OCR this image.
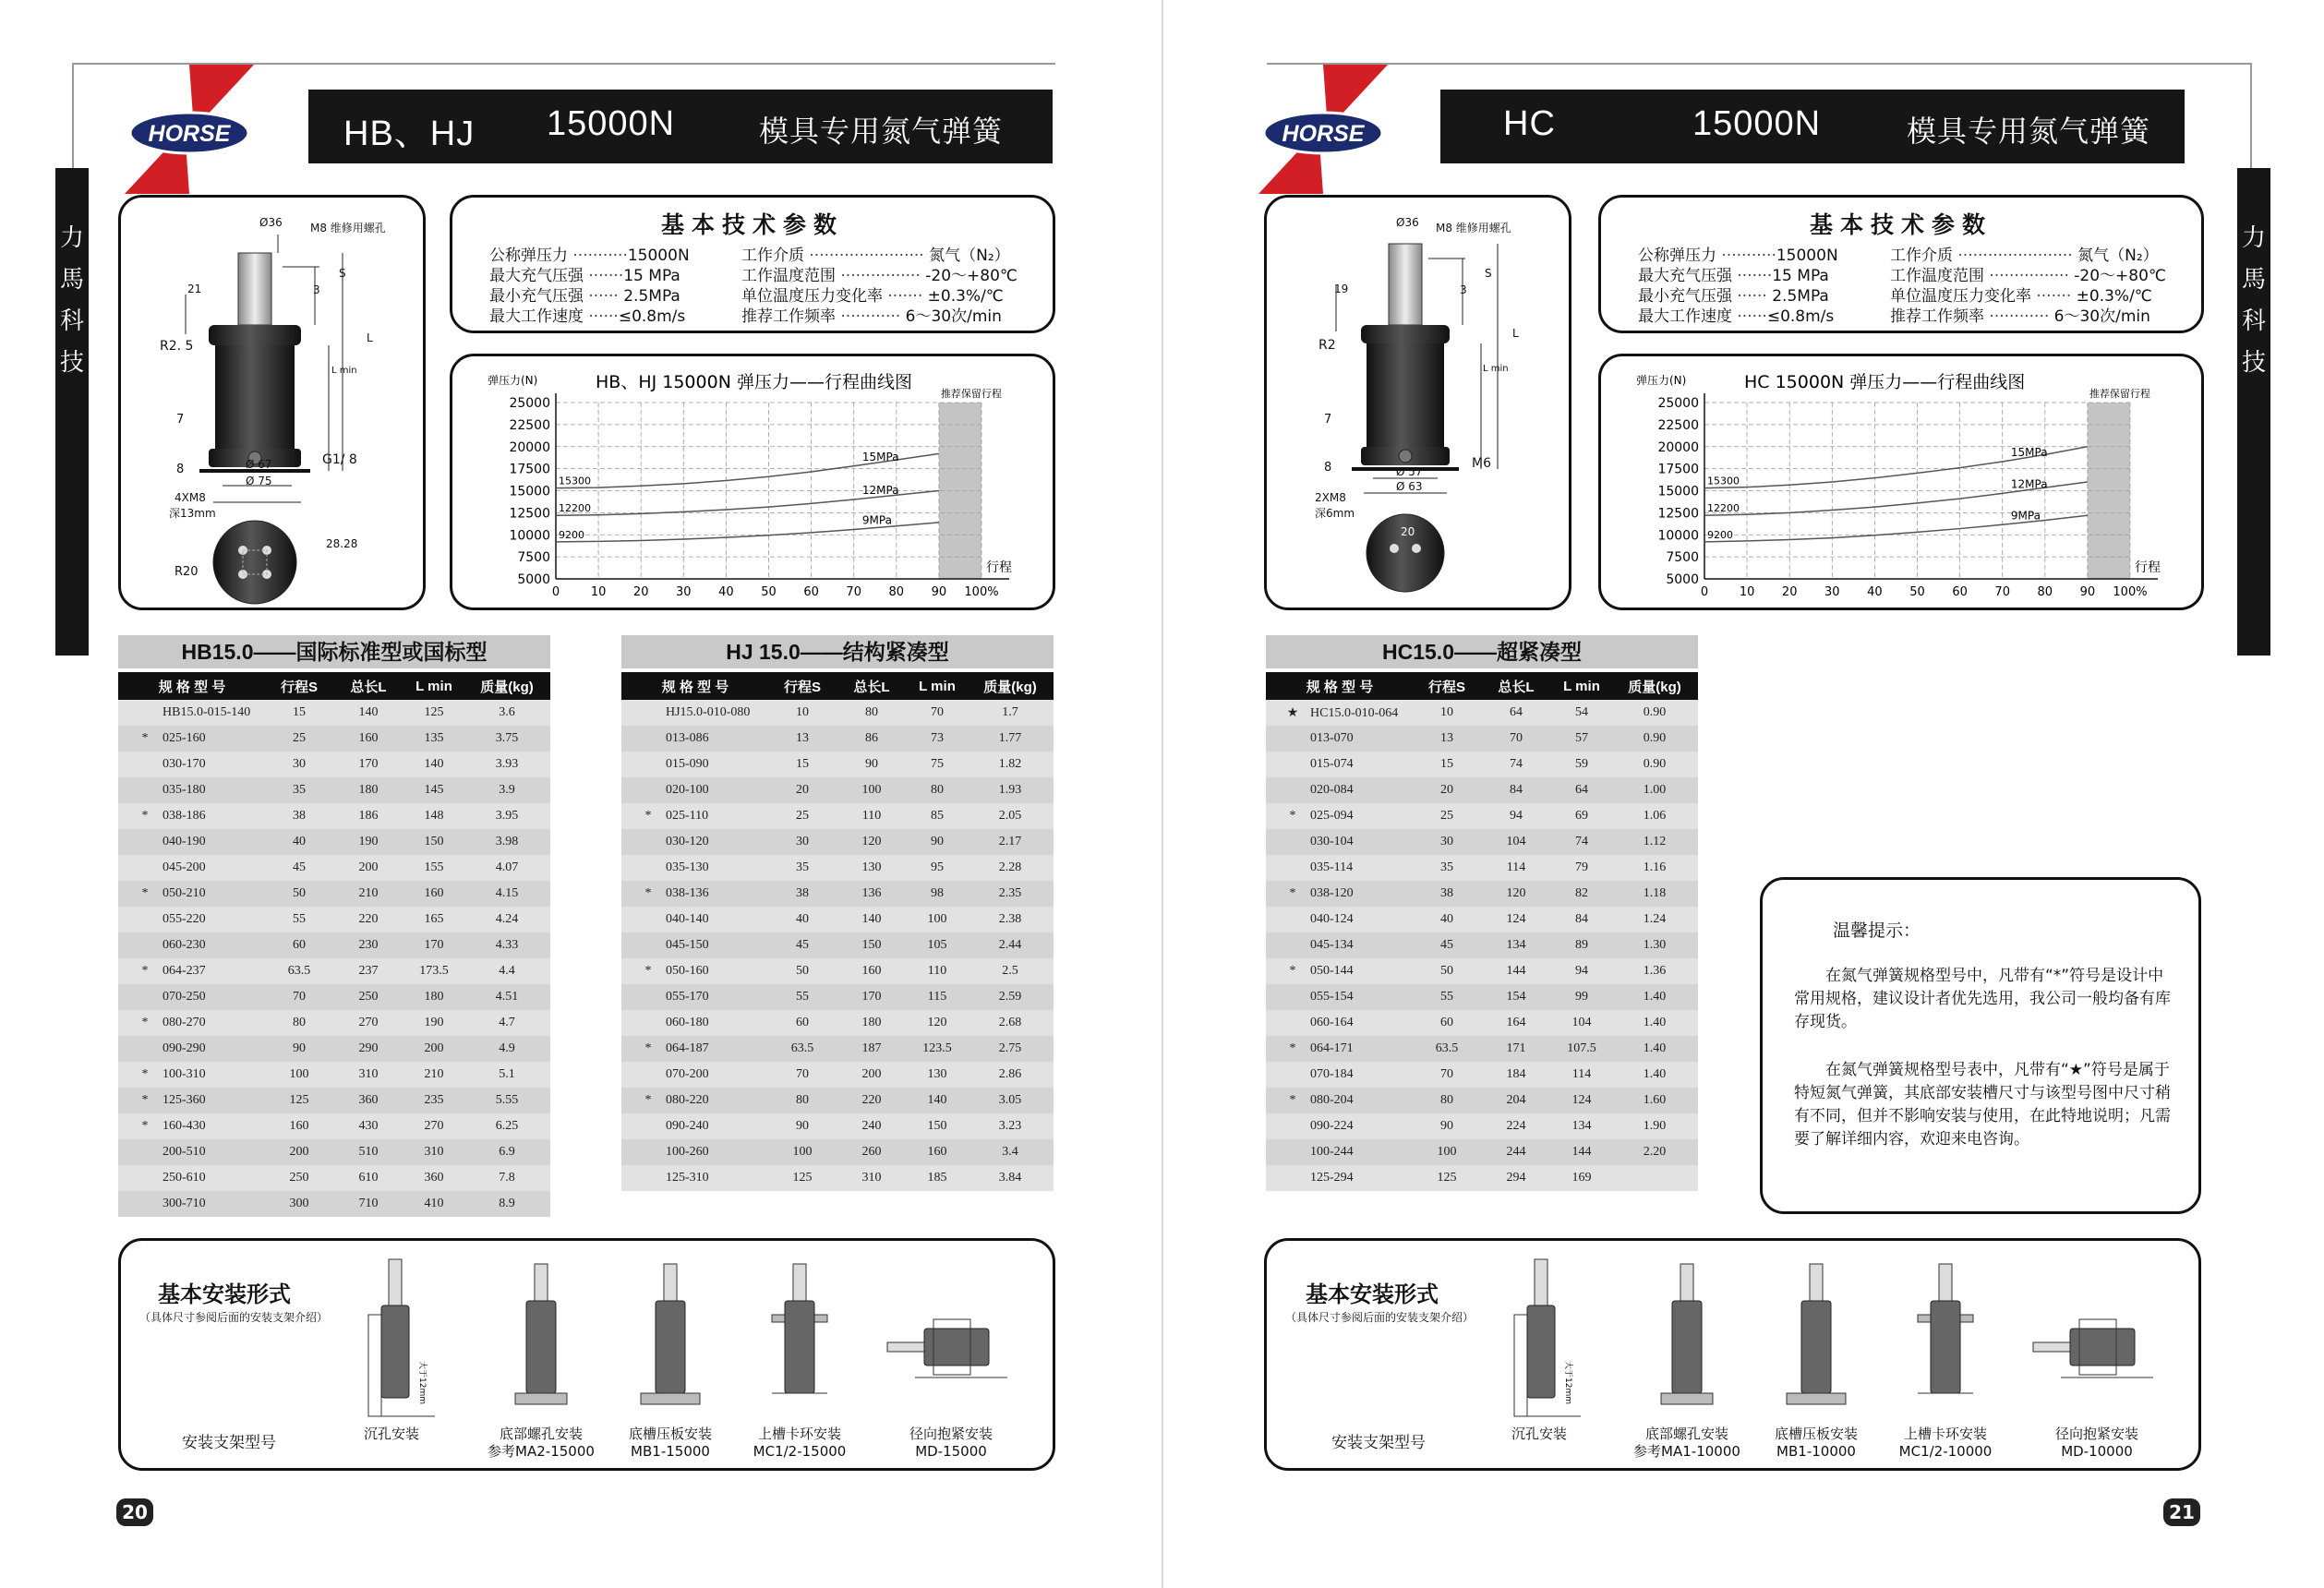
力
馬
科
技
力
馬
科
技
HORSE	HB、HJ 15000N	模具专用氮气弹簧
Ø36	M8 维修用螺孔
S
L
L min
21	3
R2. 5
7
8	Ø 67
Ø 75
G1/ 8
4XM8
深13mm
28.28
R20
基本技术参数
公称弹压力 ···········15000N
最大充气压强 ·······15 MPa
最小充气压强 ······ 2.5MPa
最大工作速度 ······≤0.8m/s
工作介质 ······················· 氮气（N₂）
工作温度范围 ················ -20～+80℃
单位温度压力变化率 ······· ±0.3%/℃
推荐工作频率 ············ 6～30次/min
HB、HJ 15000N 弹压力——行程曲线图
弹压力(N)
推荐保留行程
25000
22500
20000
17500
15000
12500
10000
7500
5000
0	10 20 30 40 50 60 70 80 90 100%
行程
15300
15MPa
12200
12MPa
9200
9MPa
HB15.0——国际标准型或国标型
规 格 型 号	行程S	总长L	L min	质量(kg)
HB15.0-015-140	15	140	125	3.6
* 025-160	25	160	135	3.75
030-170	30	170	140	3.93
035-180	35	180	145	3.9
* 038-186	38	186	148	3.95
040-190	40	190	150	3.98
045-200	45	200	155	4.07
* 050-210	50	210	160	4.15
055-220	55	220	165	4.24
060-230	60	230	170	4.33
* 064-237	63.5	237	173.5	4.4
070-250	70	250	180	4.51
* 080-270	80	270	190	4.7
090-290	90	290	200	4.9
* 100-310	100	310	210	5.1
* 125-360	125	360	235	5.55
* 160-430	160	430	270	6.25
200-510	200	510	310	6.9
250-610	250	610	360	7.8
300-710	300	710	410	8.9
HJ 15.0——结构紧凑型
规 格 型 号	行程S	总长L	L min	质量(kg)
HJ15.0-010-080	10	80	70	1.7
013-086	13	86	73	1.77
015-090	15	90	75	1.82
020-100	20	100	80	1.93
* 025-110	25	110	85	2.05
030-120	30	120	90	2.17
035-130	35	130	95	2.28
* 038-136	38	136	98	2.35
040-140	40	140	100	2.38
045-150	45	150	105	2.44
* 050-160	50	160	110	2.5
055-170	55	170	115	2.59
060-180	60	180	120	2.68
* 064-187	63.5	187	123.5	2.75
070-200	70	200	130	2.86
* 080-220	80	220	140	3.05
090-240	90	240	150	3.23
100-260	100	260	160	3.4
125-310	125	310	185	3.84
基本安装形式
（具体尺寸参阅后面的安装支架介绍）
安装支架型号
大于12mm
沉孔安装	底部螺孔安装
参考MA2-15000
底槽压板安装
MB1-15000
上槽卡环安装
MC1/2-15000
径向抱紧安装
MD-15000
20
HORSE	HC	15000N	模具专用氮气弹簧
Ø36 M8 维修用螺孔
S
L
L min
19	3
R2
7
8	Ø 57
Ø 63
M6
2XM8
深6mm
20
基本技术参数
公称弹压力 ···········15000N
最大充气压强 ·······15 MPa
最小充气压强 ······ 2.5MPa
最大工作速度 ······≤0.8m/s
工作介质 ······················· 氮气（N₂）
工作温度范围 ················ -20～+80℃
单位温度压力变化率 ······· ±0.3%/℃
推荐工作频率 ············ 6～30次/min
HC 15000N 弹压力——行程曲线图
弹压力(N)
推荐保留行程
25000
22500
20000
17500
15000
12500
10000
7500
5000
0	10 20 30 40 50 60 70 80 90 100%
行程
15300
15MPa
12200
12MPa
9200
9MPa
HC15.0——超紧凑型
规 格 型 号	行程S	总长L	L min	质量(kg)
★ HC15.0-010-064	10	64	54	0.90
013-070	13	70	57	0.90
015-074	15	74	59	0.90
020-084	20	84	64	1.00
* 025-094	25	94	69	1.06
030-104	30	104	74	1.12
035-114	35	114	79	1.16
* 038-120	38	120	82	1.18
040-124	40	124	84	1.24
045-134	45	134	89	1.30
* 050-144	50	144	94	1.36
055-154	55	154	99	1.40
060-164	60	164	104	1.40
* 064-171	63.5	171	107.5	1.40
070-184	70	184	114	1.40
* 080-204	80	204	124	1.60
090-224	90	224	134	1.90
100-244	100	244	144	2.20
125-294	125	294	169	
温馨提示：
在氮气弹簧规格型号中，凡带有“*”符号是设计中常用规格，建议设计者优先选用，我公司一般均备有库存现货。
在氮气弹簧规格型号表中，凡带有“★”符号是属于特短氮气弹簧，其底部安装槽尺寸与该型号图中尺寸稍有不同，但并不影响安装与使用，在此特地说明；凡需要了解详细内容，欢迎来电咨询。
基本安装形式
（具体尺寸参阅后面的安装支架介绍）
安装支架型号
大于12mm
沉孔安装	底部螺孔安装
参考MA1-10000
底槽压板安装
MB1-10000
上槽卡环安装
MC1/2-10000
径向抱紧安装
MD-10000
21
